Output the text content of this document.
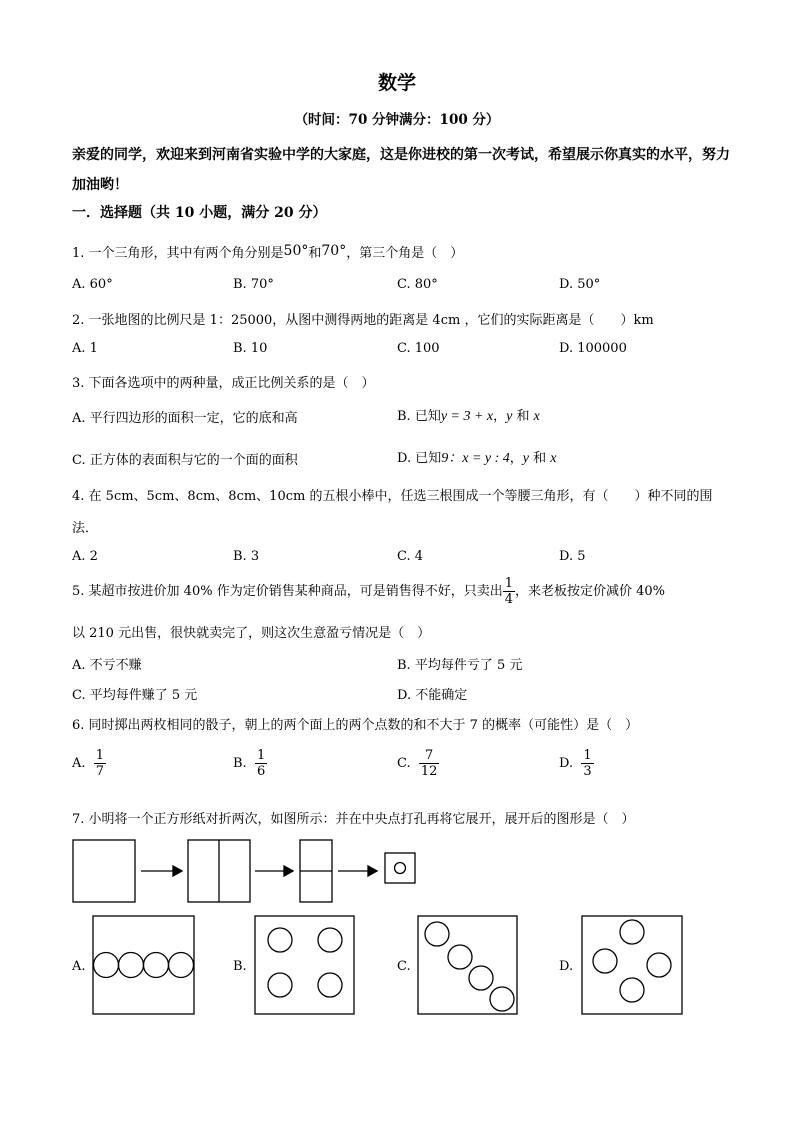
数学
（时间：70 分钟满分：100 分）
亲爱的同学，欢迎来到河南省实验中学的大家庭，这是你进校的第一次考试，希望展示你真实的水平，努力加油哟！
一．选择题（共 10 小题，满分 20 分）
1. 一个三角形，其中有两个角分别是50°和70°，第三个角是（　）
A. 60°	B. 70°	C. 80°	D. 50°
2. 一张地图的比例尺是 1：25000，从图中测得两地的距离是 4cm ，它们的实际距离是（　　）km
A. 1	B. 10	C. 100	D. 100000
3. 下面各选项中的两种量，成正比例关系的是（　）
A. 平行四边形的面积一定，它的底和高	B. 已知y = 3 + x，y 和 x
C. 正方体的表面积与它的一个面的面积	D. 已知9：x = y : 4，y 和 x
4. 在 5cm、5cm、8cm、8cm、10cm 的五根小棒中，任选三根围成一个等腰三角形，有（　　）种不同的围
法．
A. 2	B. 3	C. 4	D. 5
5. 某超市按进价加 40% 作为定价销售某种商品，可是销售得不好，只卖出 $\frac{1}{4}$ ，来老板按定价减价 40%
以 210 元出售，很快就卖完了，则这次生意盈亏情况是（　）
A. 不亏不赚	B. 平均每件亏了 5 元
C. 平均每件赚了 5 元	D. 不能确定
6. 同时掷出两枚相同的骰子，朝上的两个面上的两个点数的和不大于 7 的概率（可能性）是（　）
A. $\frac{1}{7}$	B. $\frac{1}{6}$	C. $\frac{7}{12}$	D. $\frac{1}{3}$
7. 小明将一个正方形纸对折两次，如图所示：并在中央点打孔再将它展开，展开后的图形是（　）
A.	B.	C.	D.
